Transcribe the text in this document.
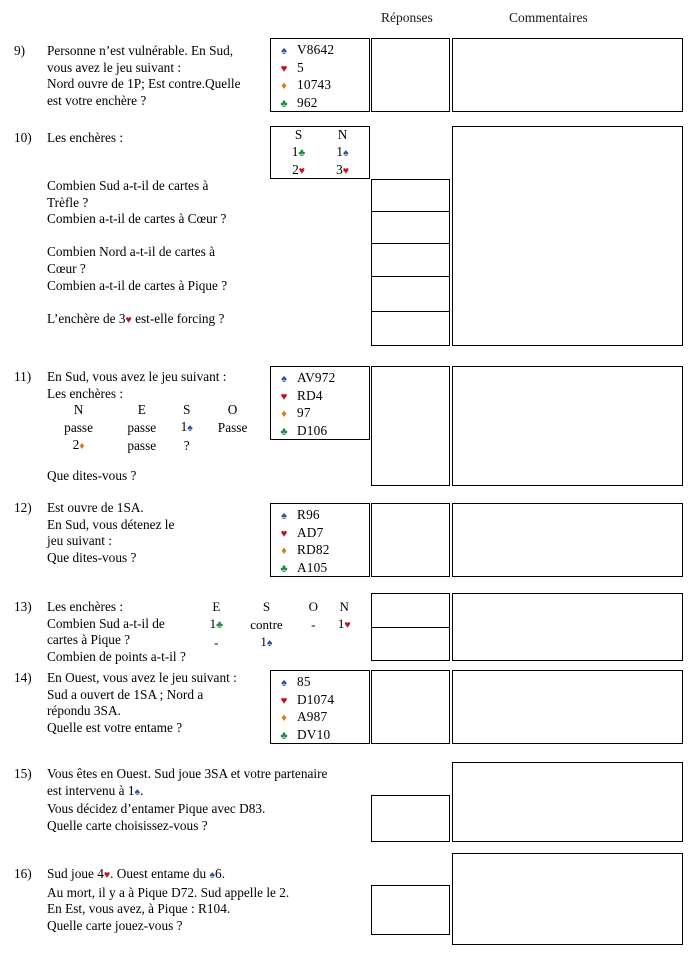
Réponses	Commentaires
9) Personne n’est vulnérable. En Sud,

vous avez le jeu suivant :

Nord ouvre de 1P; Est contre.Quelle

est votre enchère ?

♠ V8642
♥ 5
♦ 10743
♣ 962
10) Les enchères :	S	N
1♣	1♠
2♥	3♥

Combien Sud a-t-il de cartes à

Trèfle ?

Combien a-t-il de cartes à Cœur ?

Combien Nord a-t-il de cartes à

Cœur ?

Combien a-t-il de cartes à Pique ?

L’enchère de 3♥ est-elle forcing ?

11) En Sud, vous avez le jeu suivant :

Les enchères :

N	E	S	O
passe	passe	1♠	Passe
2♦	passe	?	

Que dites-vous ?

♠ AV972
♥ RD4
♦ 97
♣ D106
12) Est ouvre de 1SA.

En Sud, vous détenez le

jeu suivant :

Que dites-vous ?

♠ R96
♥ AD7
♦ RD82
♣ A105
13) Les enchères :

Combien Sud a-t-il de

cartes à Pique ?

Combien de points a-t-il ?

E	S	O	N
1♣	contre	-	1♥
-	1♠		
14) En Ouest, vous avez le jeu suivant :

Sud a ouvert de 1SA ; Nord a

répondu 3SA.

Quelle est votre entame ?

♠ 85
♥ D1074
♦ A987
♣ DV10
15) Vous êtes en Ouest. Sud joue 3SA et votre partenaire

est intervenu à 1♠.

Vous décidez d’entamer Pique avec D83.

Quelle carte choisissez-vous ?

16) Sud joue 4♥. Ouest entame du ♠6.

Au mort, il y a à Pique D72. Sud appelle le 2.

En Est, vous avez, à Pique : R104.

Quelle carte jouez-vous ?
